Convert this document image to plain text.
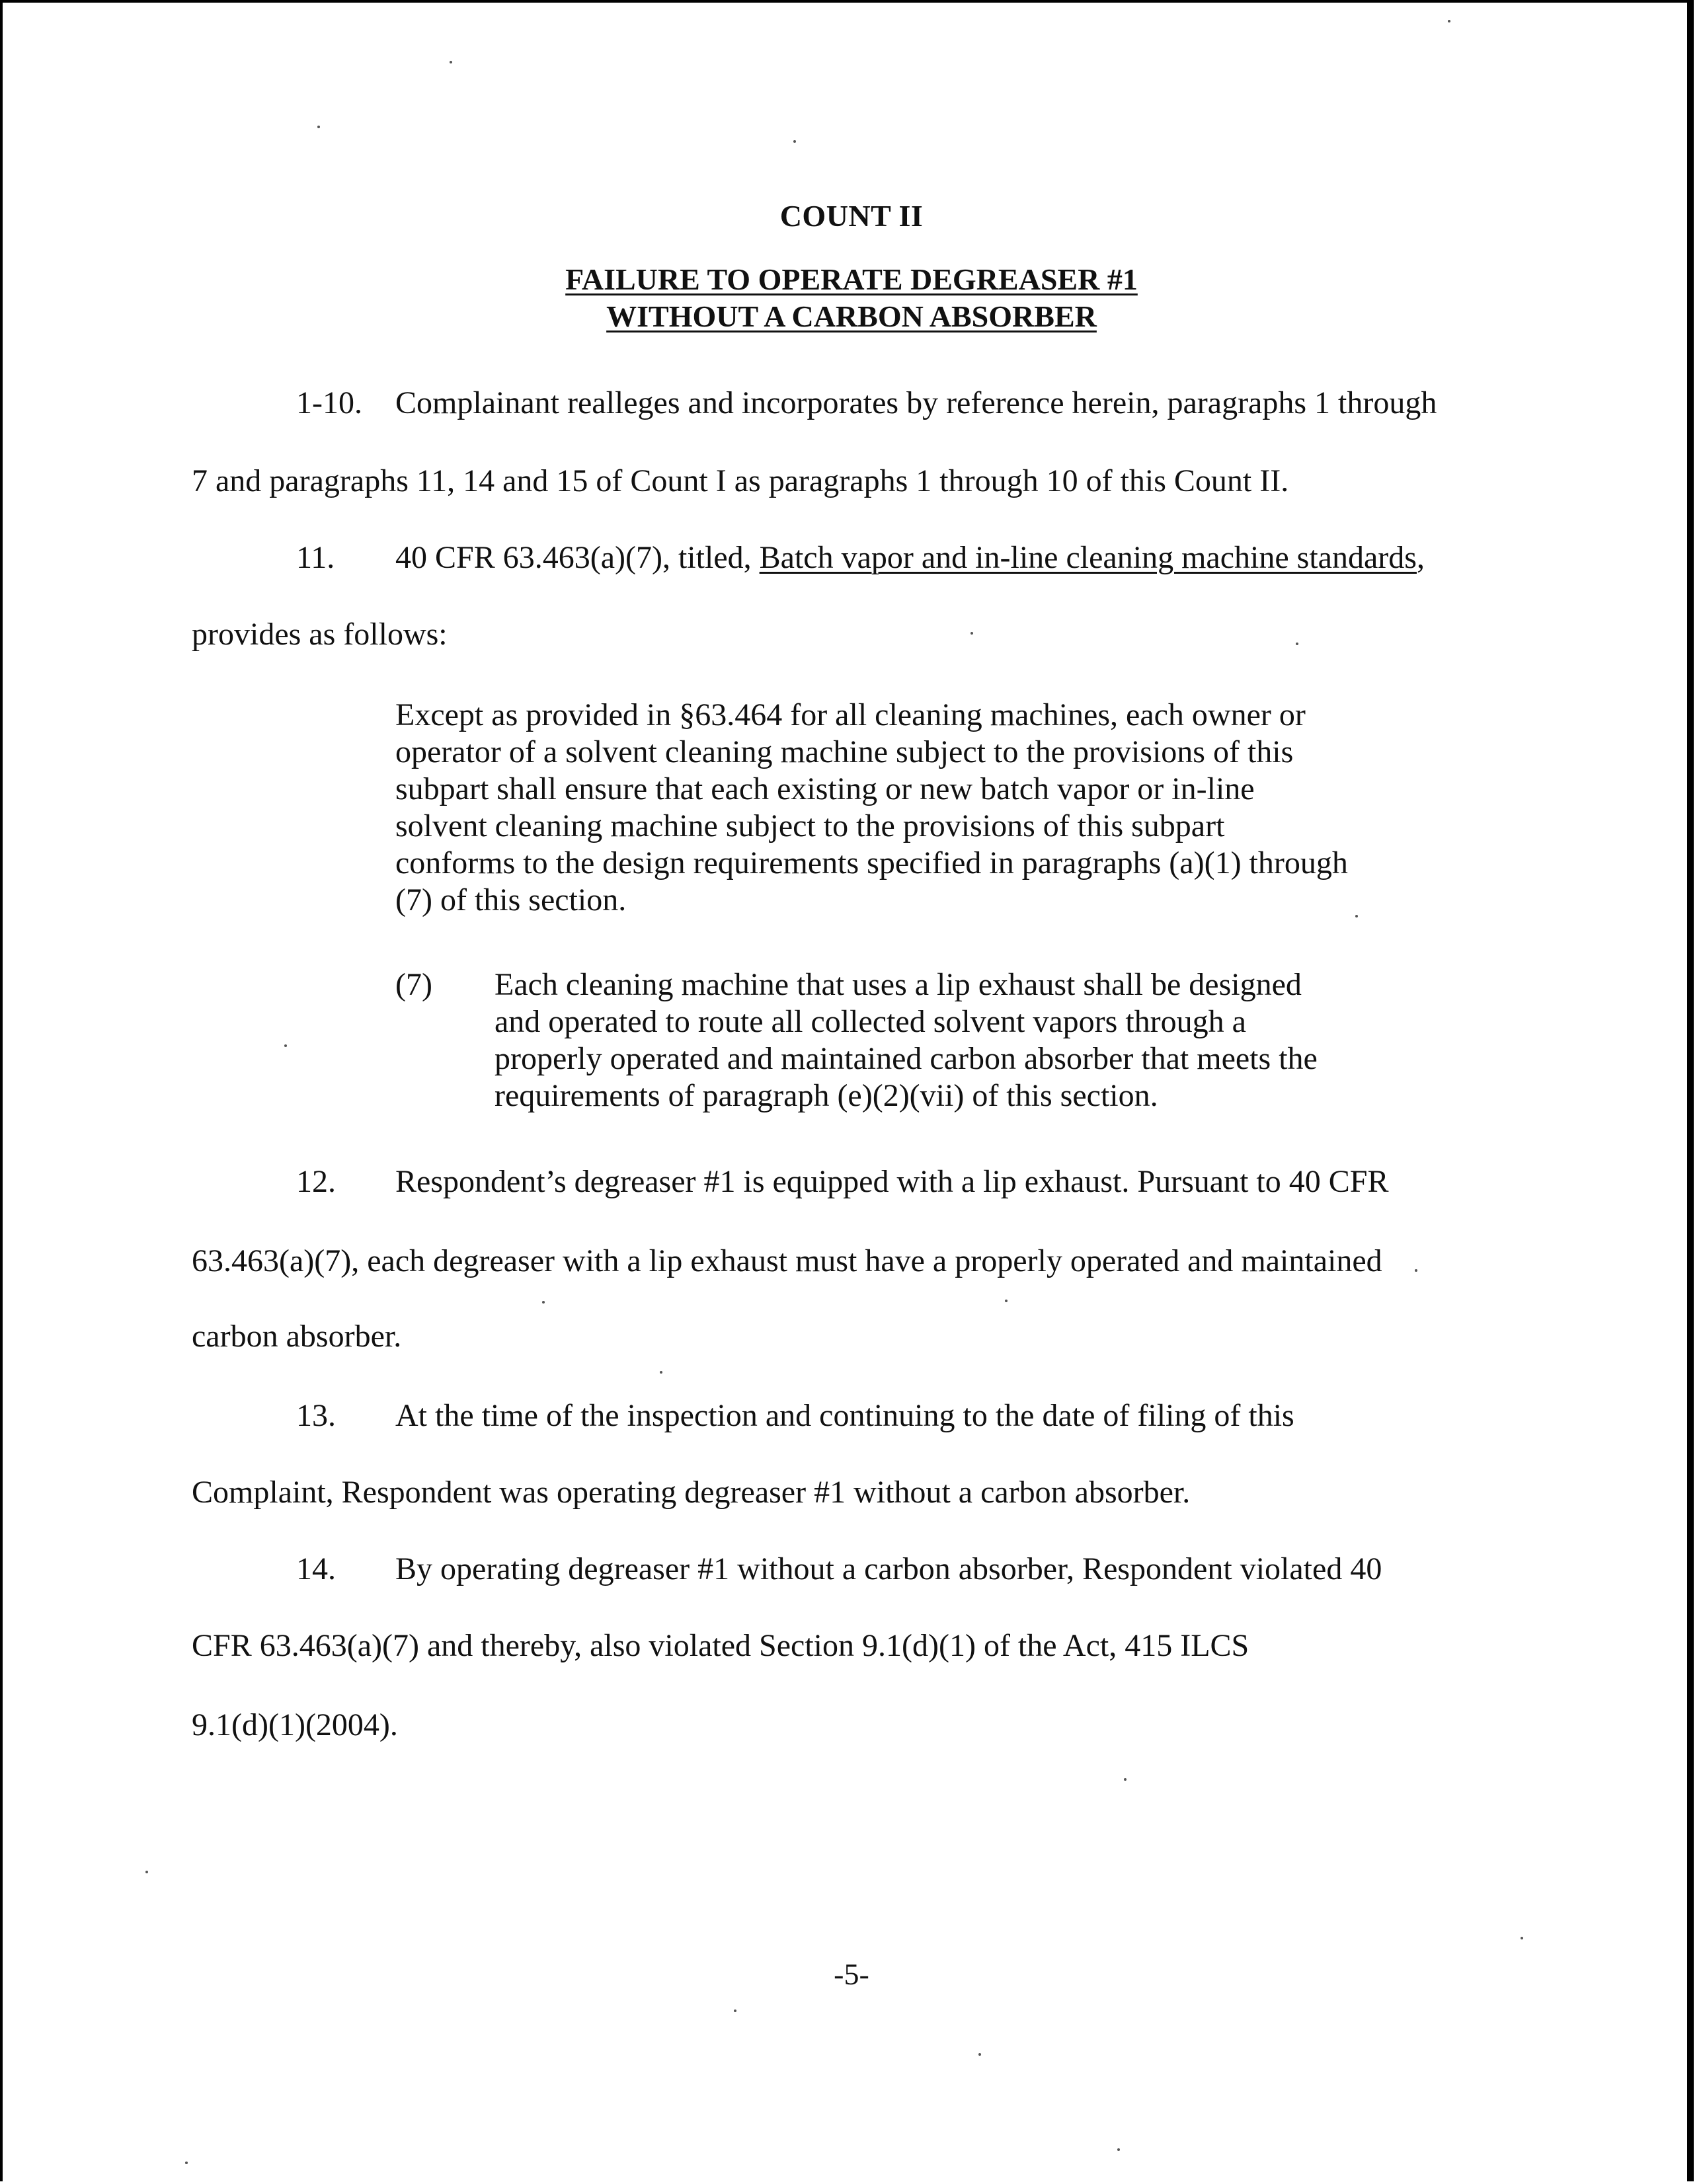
COUNT II
FAILURE TO OPERATE DEGREASER #1
WITHOUT A CARBON ABSORBER
1-10. Complainant realleges and incorporates by reference herein, paragraphs 1 through
7 and paragraphs 11, 14 and 15 of Count I as paragraphs 1 through 10 of this Count II.
11. 40 CFR 63.463(a)(7), titled, Batch vapor and in-line cleaning machine standards,
provides as follows:
Except as provided in §63.464 for all cleaning machines, each owner or
operator of a solvent cleaning machine subject to the provisions of this
subpart shall ensure that each existing or new batch vapor or in-line
solvent cleaning machine subject to the provisions of this subpart
conforms to the design requirements specified in paragraphs (a)(1) through
(7) of this section.
(7) Each cleaning machine that uses a lip exhaust shall be designed
and operated to route all collected solvent vapors through a
properly operated and maintained carbon absorber that meets the
requirements of paragraph (e)(2)(vii) of this section.
12. Respondent’s degreaser #1 is equipped with a lip exhaust. Pursuant to 40 CFR
63.463(a)(7), each degreaser with a lip exhaust must have a properly operated and maintained
carbon absorber.
13. At the time of the inspection and continuing to the date of filing of this
Complaint, Respondent was operating degreaser #1 without a carbon absorber.
14. By operating degreaser #1 without a carbon absorber, Respondent violated 40
CFR 63.463(a)(7) and thereby, also violated Section 9.1(d)(1) of the Act, 415 ILCS
9.1(d)(1)(2004).
-5-
